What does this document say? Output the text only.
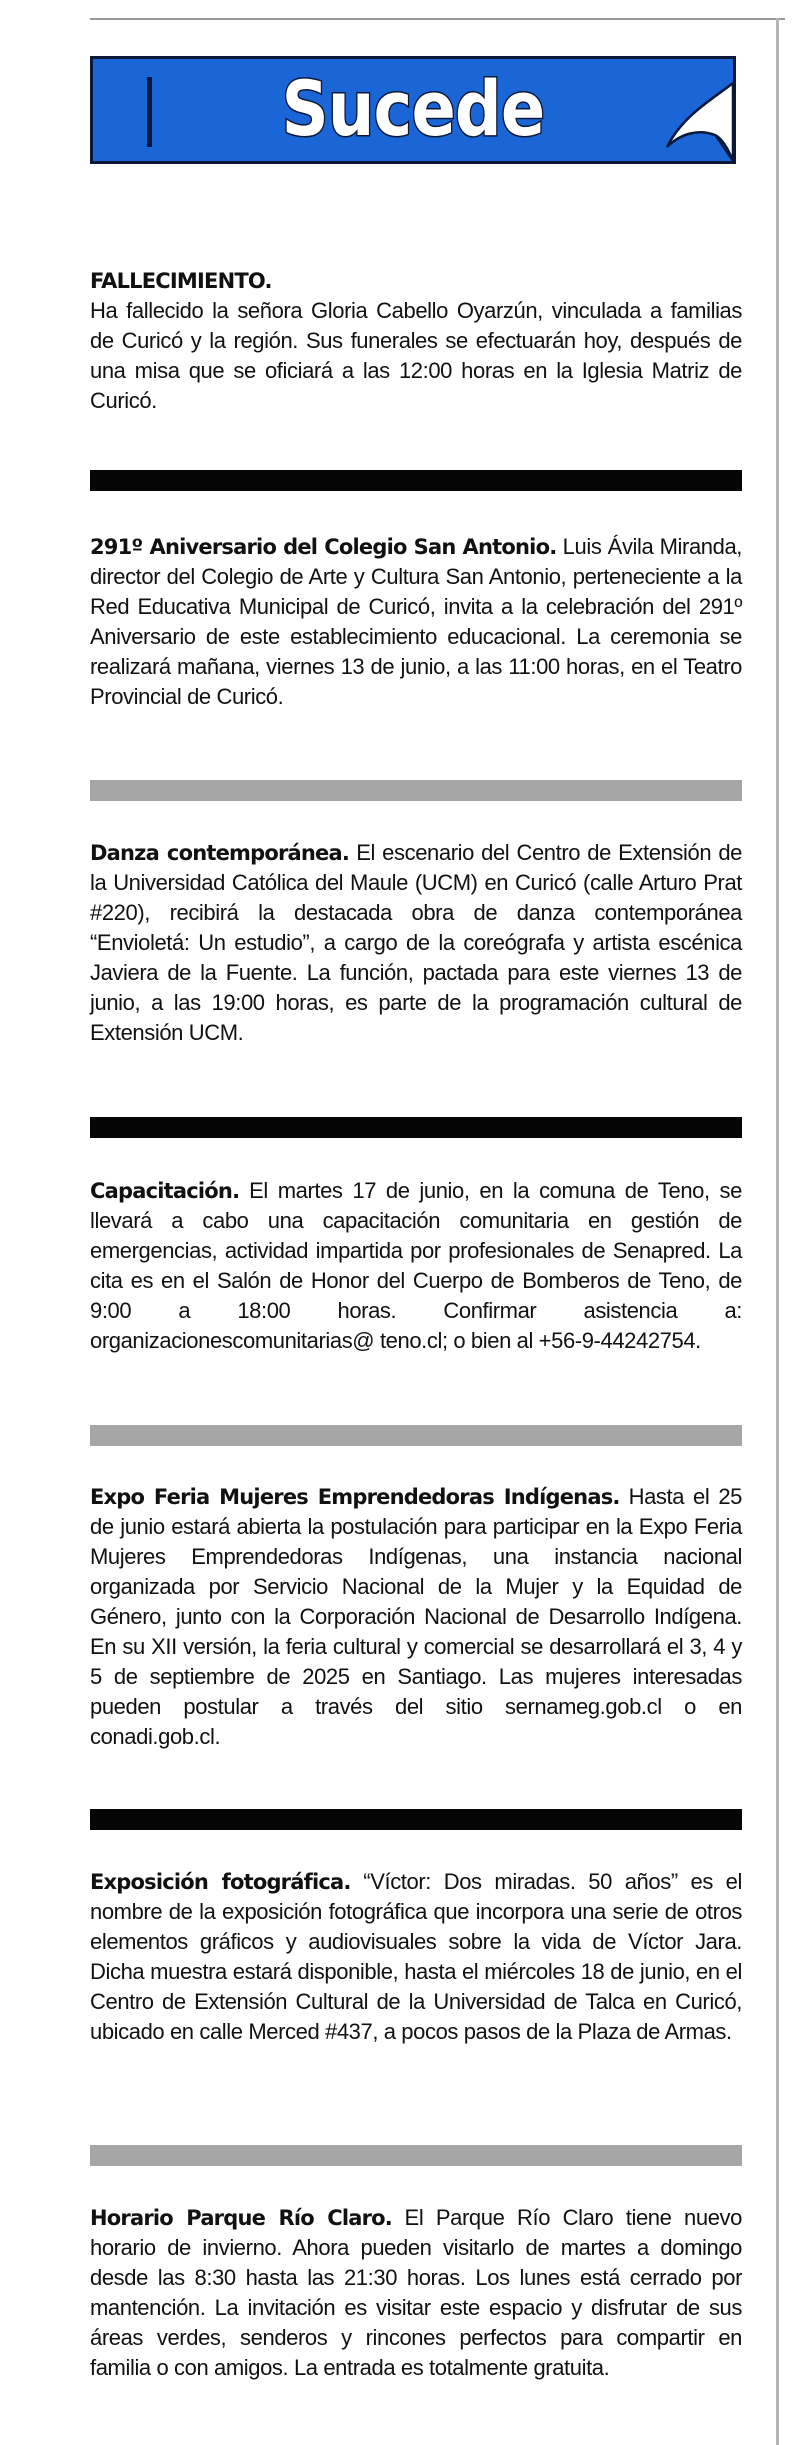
Sucede

FALLECIMIENTO.
Ha fallecido la señora Gloria Cabello Oyarzún, vinculada a familias de Curicó y la región. Sus funerales se efectuarán hoy, después de una misa que se oficiará a las 12:00 horas en la Iglesia Matriz de Curicó.

291º Aniversario del Colegio San Antonio. Luis Ávila Miranda, director del Colegio de Arte y Cultura San Antonio, perteneciente a la Red Educativa Municipal de Curicó, invita a la celebración del 291º Aniversario de este establecimiento educacional. La ceremonia se realizará mañana, viernes 13 de junio, a las 11:00 horas, en el Teatro Provincial de Curicó.

Danza contemporánea. El escenario del Centro de Extensión de la Universidad Católica del Maule (UCM) en Curicó (calle Arturo Prat #220), recibirá la destacada obra de danza contemporánea “Envioletá: Un estudio”, a cargo de la coreógrafa y artista escénica Javiera de la Fuente. La función, pactada para este viernes 13 de junio, a las 19:00 horas, es parte de la programación cultural de Extensión UCM.

Capacitación. El martes 17 de junio, en la comuna de Teno, se llevará a cabo una capacitación comunitaria en gestión de emergencias, actividad impartida por profesionales de Senapred. La cita es en el Salón de Honor del Cuerpo de Bomberos de Teno, de 9:00 a 18:00 horas. Confirmar asistencia a: organizacionescomunitarias@ teno.cl; o bien al +56-9-44242754.

Expo Feria Mujeres Emprendedoras Indígenas. Hasta el 25 de junio estará abierta la postulación para participar en la Expo Feria Mujeres Emprendedoras Indígenas, una instancia nacional organizada por Servicio Nacional de la Mujer y la Equidad de Género, junto con la Corporación Nacional de Desarrollo Indígena. En su XII versión, la feria cultural y comercial se desarrollará el 3, 4 y 5 de septiembre de 2025 en Santiago. Las mujeres interesadas pueden postular a través del sitio sernameg.gob.cl o en conadi.gob.cl.

Exposición fotográfica. “Víctor: Dos miradas. 50 años” es el nombre de la exposición fotográfica que incorpora una serie de otros elementos gráficos y audiovisuales sobre la vida de Víctor Jara. Dicha muestra estará disponible, hasta el miércoles 18 de junio, en el Centro de Extensión Cultural de la Universidad de Talca en Curicó, ubicado en calle Merced #437, a pocos pasos de la Plaza de Armas.

Horario Parque Río Claro. El Parque Río Claro tiene nuevo horario de invierno. Ahora pueden visitarlo de martes a domingo desde las 8:30 hasta las 21:30 horas. Los lunes está cerrado por mantención. La invitación es visitar este espacio y disfrutar de sus áreas verdes, senderos y rincones perfectos para compartir en familia o con amigos. La entrada es totalmente gratuita.
